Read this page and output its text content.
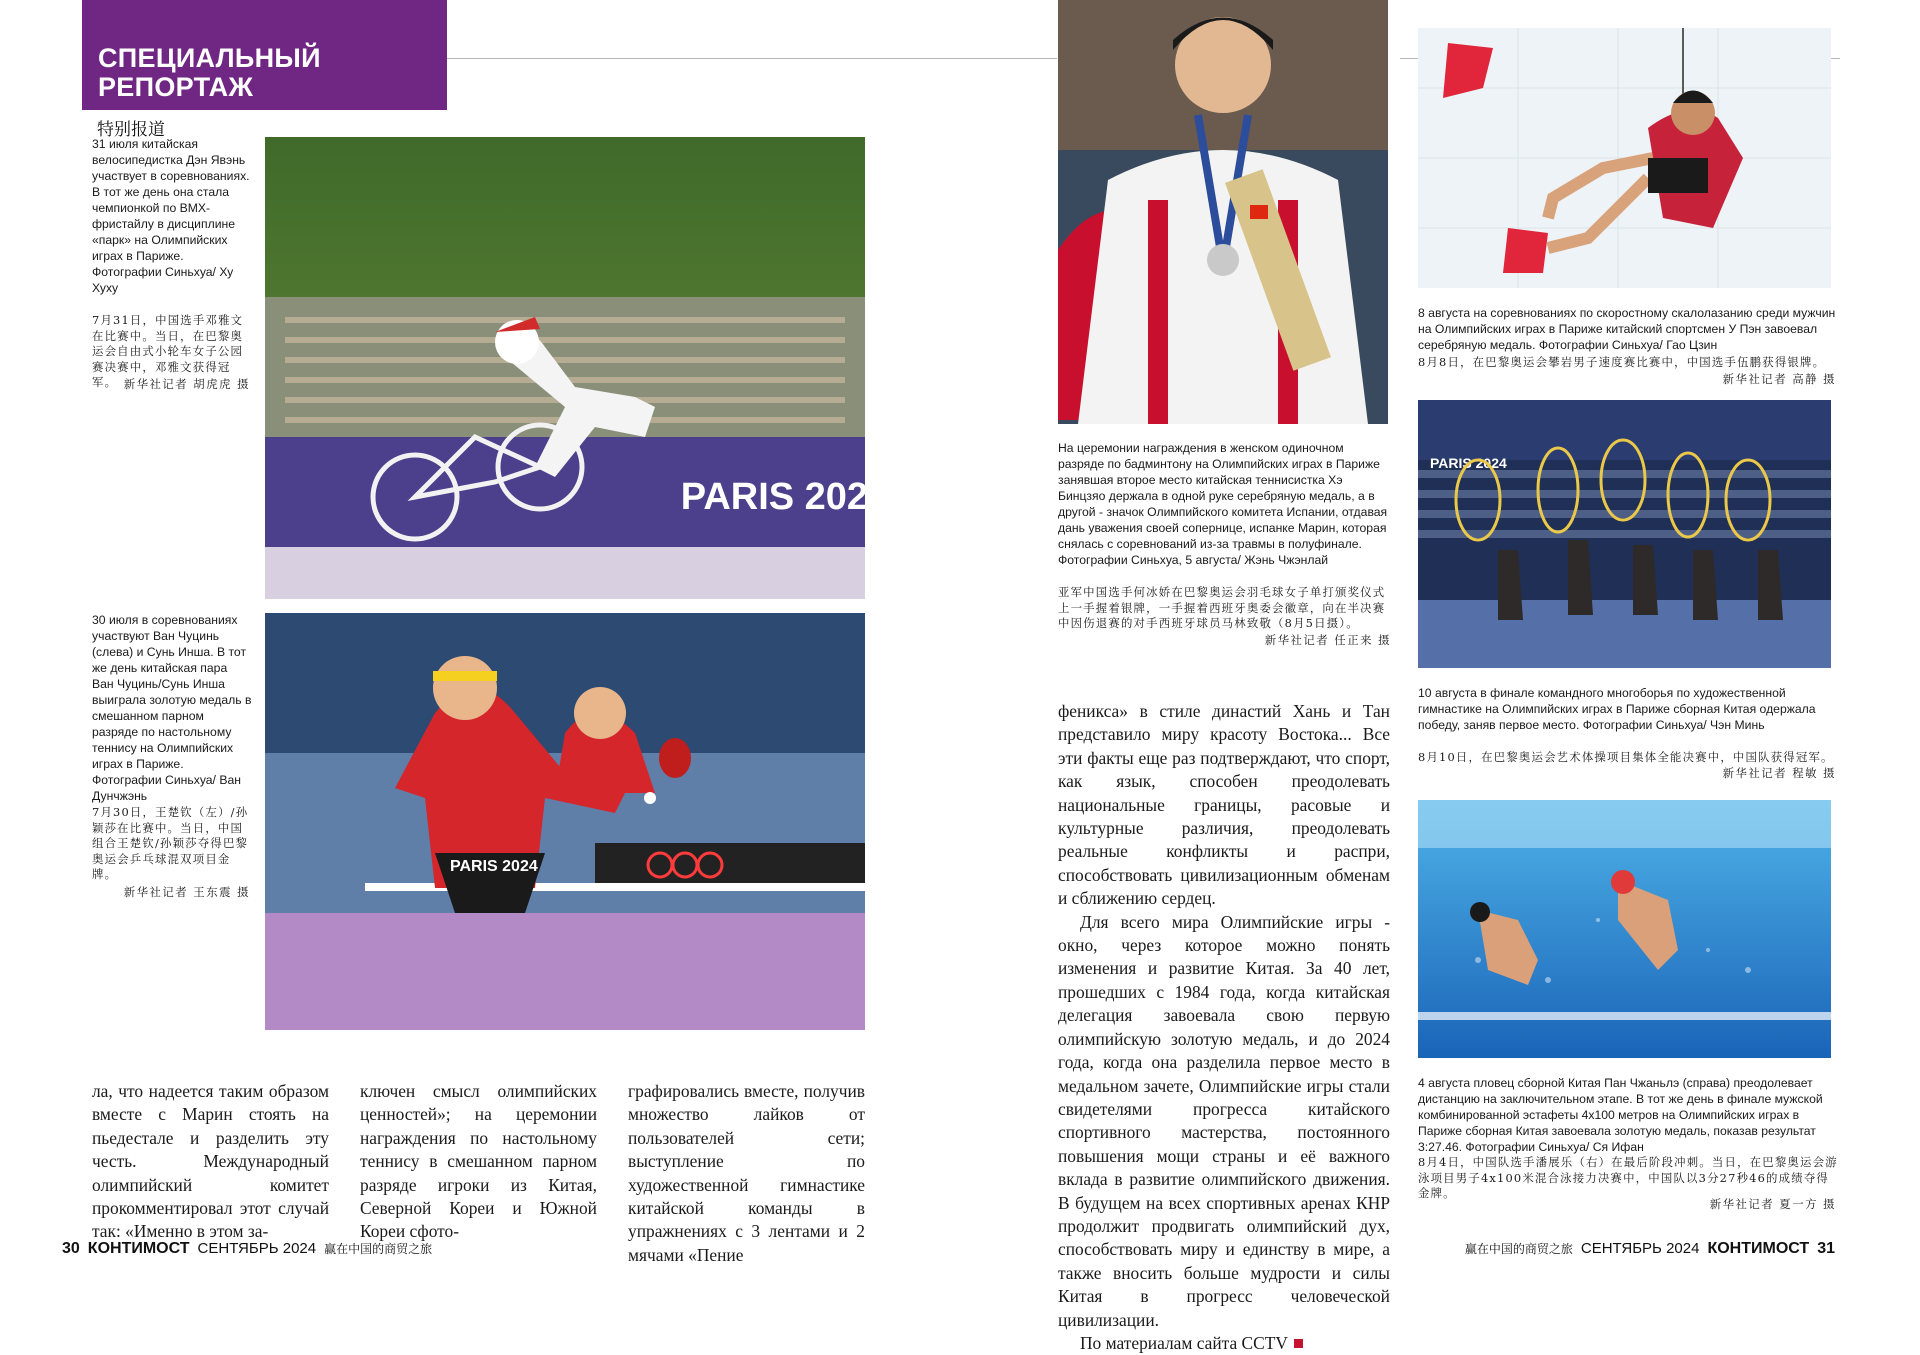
СПЕЦИАЛЬНЫЙ
РЕПОРТАЖ
特别报道
31 июля китайская велосипедистка Дэн Явэнь участвует в соревнованиях. В тот же день она стала чемпионкой по BMX-фристайлу в дисциплине «парк» на Олимпийских играх в Париже. Фотографии Синьхуа/ Ху Хуху
7月31日，中国选手邓雅文在比赛中。当日，在巴黎奥运会自由式小轮车女子公园赛决赛中，邓雅文获得冠军。 新华社记者 胡虎虎 摄
PARIS 2024
30 июля в соревнованиях участвуют Ван Чуцинь (слева) и Сунь Инша. В тот же день китайская пара Ван Чуцинь/Сунь Инша выиграла золотую медаль в смешанном парном разряде по настольному теннису на Олимпийских играх в Париже. Фотографии Синьхуа/ Ван Дунчжэнь
7月30日，王楚钦（左）/孙颖莎在比赛中。当日，中国组合王楚钦/孙颖莎夺得巴黎奥运会乒乓球混双项目金牌。
新华社记者 王东震 摄
PARIS 2024
ла, что надеется таким образом вместе с Марин стоять на пьедестале и разделить эту честь. Международный олимпийский комитет прокомментировал этот случай так: «Именно в этом за-
ключен смысл олимпийских ценностей»; на церемонии награждения по настольному теннису в смешанном парном разряде игроки из Китая, Северной Кореи и Южной Кореи сфото-
графировались вместе, получив множество лайков от пользователей сети; выступление по художественной гимнастике китайской команды в упражнениях с 3 лентами и 2 мячами «Пение
На церемонии награждения в женском одиночном разряде по бадминтону на Олимпийских играх в Париже занявшая второе место китайская теннисистка Хэ Бинцзяо держала в одной руке серебряную медаль, а в другой - значок Олимпийского комитета Испании, отдавая дань уважения своей сопернице, испанке Марин, которая снялась с соревнований из-за травмы в полуфинале. Фотографии Синьхуа, 5 августа/ Жэнь Чжэнлай
亚军中国选手何冰娇在巴黎奥运会羽毛球女子单打颁奖仪式上一手握着银牌，一手握着西班牙奥委会徽章，向在半决赛中因伤退赛的对手西班牙球员马林致敬（8月5日摄）。
新华社记者 任正来 摄
8 августа на соревнованиях по скоростному скалолазанию среди мужчин на Олимпийских играх в Париже китайский спортсмен У Пэн завоевал серебряную медаль. Фотографии Синьхуа/ Гао Цзин
8月8日，在巴黎奥运会攀岩男子速度赛比赛中，中国选手伍鹏获得银牌。
新华社记者 高静 摄
PARIS 2024
10 августа в финале командного многоборья по художественной гимнастике на Олимпийских играх в Париже сборная Китая одержала победу, заняв первое место. Фотографии Синьхуа/ Чэн Минь
8月10日，在巴黎奥运会艺术体操项目集体全能决赛中，中国队获得冠军。
新华社记者 程敏 摄
4 августа пловец сборной Китая Пан Чжаньлэ (справа) преодолевает дистанцию на заключительном этапе. В тот же день в финале мужской комбинированной эстафеты 4х100 метров на Олимпийских играх в Париже сборная Китая завоевала золотую медаль, показав результат 3:27.46. Фотографии Синьхуа/ Ся Ифан
8月4日，中国队选手潘展乐（右）在最后阶段冲刺。当日，在巴黎奥运会游泳项目男子4x100米混合泳接力决赛中，中国队以3分27秒46的成绩夺得金牌。
新华社记者 夏一方 摄

феникса» в стиле династий Хань и Тан представило миру красоту Востока... Все эти факты еще раз подтверждают, что спорт, как язык, способен преодолевать национальные границы, расовые и культурные различия, преодолевать реальные конфликты и распри, способствовать цивилизационным обменам и сближению сердец.

Для всего мира Олимпийские игры - окно, через которое можно понять изменения и развитие Китая. За 40 лет, прошедших с 1984 года, когда китайская делегация завоевала свою первую олимпийскую золотую медаль, и до 2024 года, когда она разделила первое место в медальном зачете, Олимпийские игры стали свидетелями прогресса китайского спортивного мастерства, постоянного повышения мощи страны и её важного вклада в развитие олимпийского движения. В будущем на всех спортивных аренах КНР продолжит продвигать олимпийский дух, способствовать миру и единству в мире, а также вносить больше мудрости и силы Китая в прогресс человеческой цивилизации.

По материалам сайта CCTV

30 КОНТИМОСТ СЕНТЯБРЬ 2024 赢在中国的商贸之旅	赢在中国的商贸之旅 СЕНТЯБРЬ 2024 КОНТИМОСТ 31
